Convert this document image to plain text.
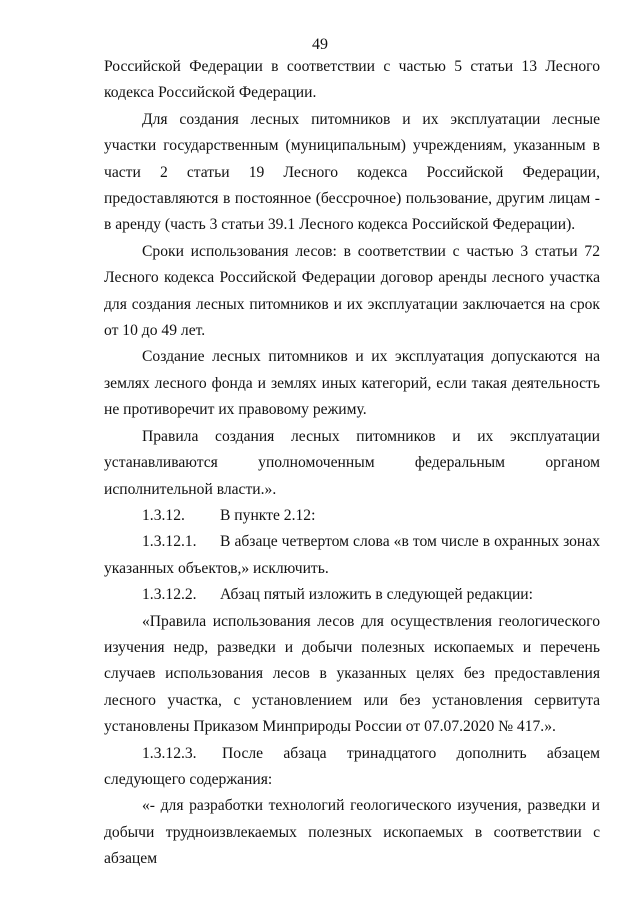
49

Российской Федерации в соответствии с частью 5 статьи 13 Лесного кодекса Российской Федерации.

Для создания лесных питомников и их эксплуатации лесные участки государственным (муниципальным) учреждениям, указанным в части 2 статьи 19 Лесного кодекса Российской Федерации, предоставляются в постоянное (бессрочное) пользование, другим лицам - в аренду (часть 3 статьи 39.1 Лесного кодекса Российской Федерации).

Сроки использования лесов: в соответствии с частью 3 статьи 72 Лесного кодекса Российской Федерации договор аренды лесного участка для создания лесных питомников и их эксплуатации заключается на срок от 10 до 49 лет.

Создание лесных питомников и их эксплуатация допускаются на землях лесного фонда и землях иных категорий, если такая деятельность не противоречит их правовому режиму.

Правила создания лесных питомников и их эксплуатации устанавливаются уполномоченным федеральным органом исполнительной власти.».

1.3.12. В пункте 2.12:

1.3.12.1. В абзаце четвертом слова «в том числе в охранных зонах указанных объектов,» исключить.

1.3.12.2. Абзац пятый изложить в следующей редакции:

«Правила использования лесов для осуществления геологического изучения недр, разведки и добычи полезных ископаемых и перечень случаев использования лесов в указанных целях без предоставления лесного участка, с установлением или без установления сервитута установлены Приказом Минприроды России от 07.07.2020 № 417.».

1.3.12.3. После абзаца тринадцатого дополнить абзацем следующего содержания:

«- для разработки технологий геологического изучения, разведки и добычи трудноизвлекаемых полезных ископаемых в соответствии с абзацем
